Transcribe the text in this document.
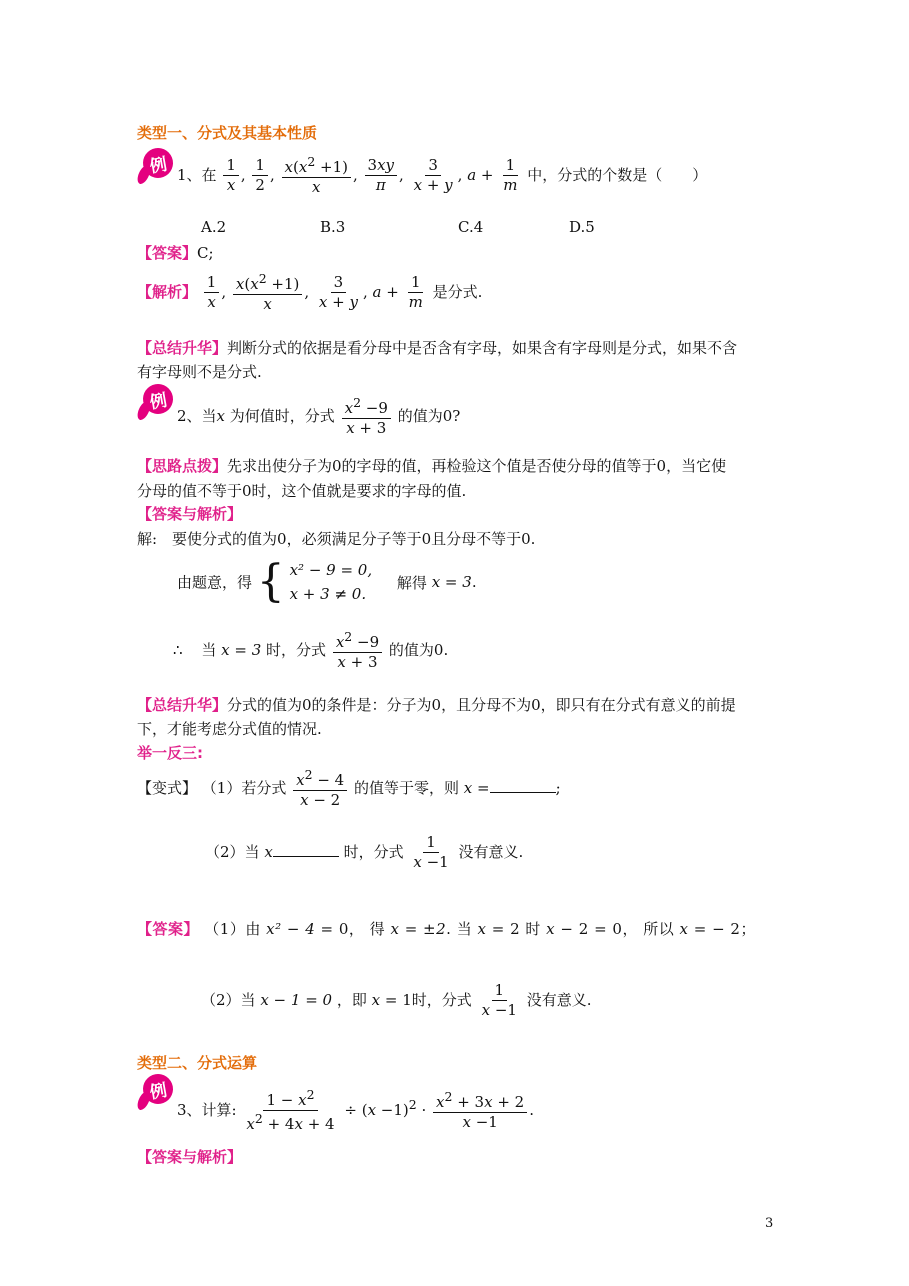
类型一、分式及其基本性质
例 1、在 $\frac{1}{x}$ , $\frac{1}{2}$ , $\frac{x(x^2 +1)}{x}$ , $\frac{3xy}{\pi}$ , $\frac{3}{x + y}$ , $a + \frac{1}{m}$ 中，分式的个数是（　　）
A.2	B.3	C.4	D.5
【答案】C;
【解析】 $\frac{1}{x}$ , $\frac{x(x^2 +1)}{x}$ , $\frac{3}{x + y}$ , $a + \frac{1}{m}$ 是分式.
【总结升华】判断分式的依据是看分母中是否含有字母，如果含有字母则是分式，如果不含
有字母则不是分式.
例
2、当x 为何值时，分式 $\frac{x^2 -9}{x + 3}$ 的值为0?
【思路点拨】先求出使分子为0的字母的值，再检验这个值是否使分母的值等于0，当它使
分母的值不等于0时，这个值就是要求的字母的值.
【答案与解析】
解:　要使分式的值为0，必须满足分子等于0且分母不等于0.
由题意，得 { x² − 9 = 0,
x + 3 ≠ 0.
解得 x = 3.
∴ 当 x = 3 时，分式 $\frac{x^2 -9}{x + 3}$ 的值为0.
【总结升华】分式的值为0的条件是：分子为0，且分母不为0，即只有在分式有意义的前提
下，才能考虑分式值的情况.
举一反三:
【变式】 （1）若分式 $\frac{x^2 - 4}{x - 2}$ 的值等于零，则 x =	;
（2）当 x	时，分式 $\frac{1}{x -1}$ 没有意义.
【答案】 （1）由 x² − 4 = 0， 得 x = ±2. 当 x = 2 时 x − 2 = 0， 所以 x = − 2；
（2）当 x − 1 = 0 ，即 x = 1时，分式 $\frac{1}{x -1}$ 没有意义.
类型二、分式运算
例
3、计算: $\frac{1 - x^2}{x^2 + 4x + 4} \div (x -1)^2 \cdot \frac{x^2 + 3x + 2}{x -1}$ .
【答案与解析】
3
